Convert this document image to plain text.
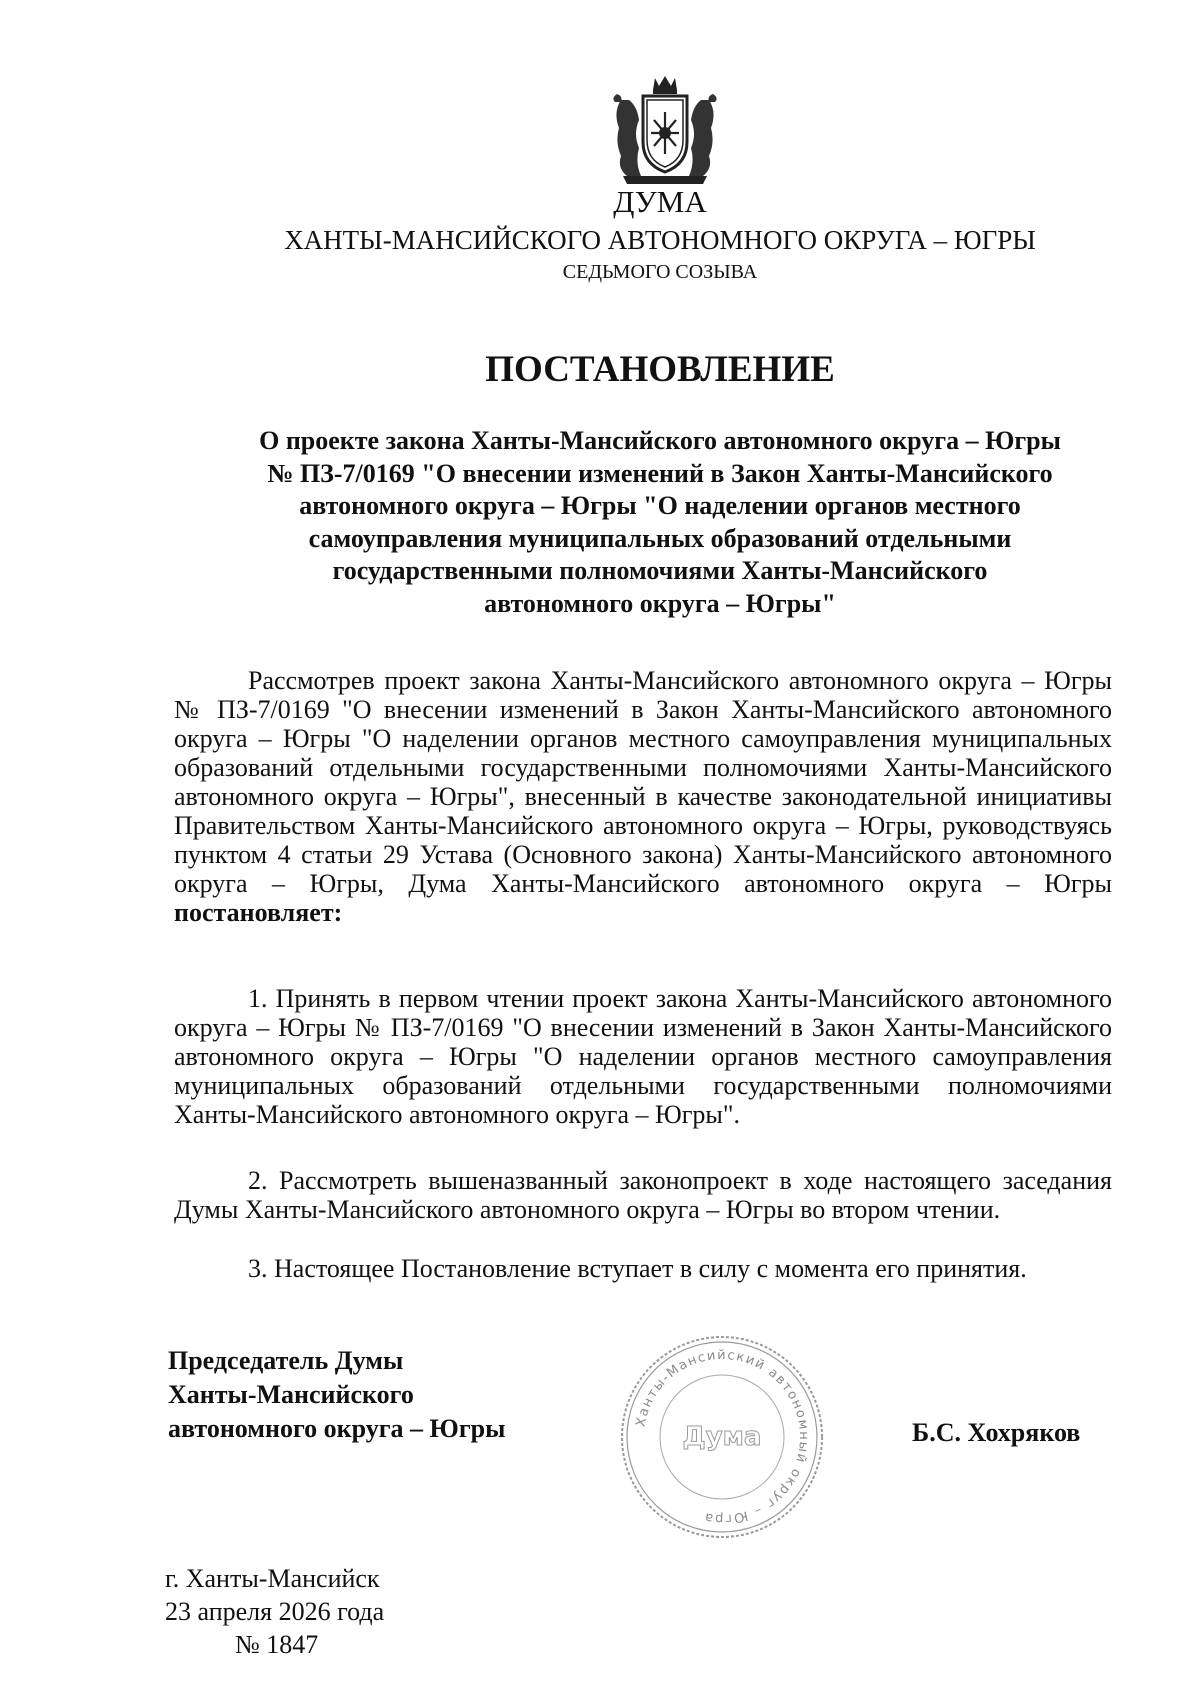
ДУМА
ХАНТЫ-МАНСИЙСКОГО АВТОНОМНОГО ОКРУГА – ЮГРЫ
СЕДЬМОГО СОЗЫВА
ПОСТАНОВЛЕНИЕ
О проекте закона Ханты-Мансийского автономного округа – Югры
№ ПЗ-7/0169 "О внесении изменений в Закон Ханты-Мансийского
автономного округа – Югры "О наделении органов местного
самоуправления муниципальных образований отдельными
государственными полномочиями Ханты-Мансийского
автономного округа – Югры"
Рассмотрев проект закона Ханты-Мансийского автономного округа – Югры № ПЗ-7/0169 "О внесении изменений в Закон Ханты-Мансийского автономного округа – Югры "О наделении органов местного самоуправления муниципальных образований отдельными государственными полномочиями Ханты-Мансийского автономного округа – Югры", внесенный в качестве законодательной инициативы Правительством Ханты-Мансийского автономного округа – Югры, руководствуясь пунктом 4 статьи 29 Устава (Основного закона) Ханты-Мансийского автономного округа – Югры, Дума Ханты-Мансийского автономного округа – Югры постановляет:
1. Принять в первом чтении проект закона Ханты-Мансийского автономного округа – Югры № ПЗ-7/0169 "О внесении изменений в Закон Ханты-Мансийского автономного округа – Югры "О наделении органов местного самоуправления муниципальных образований отдельными государственными полномочиями Ханты-Мансийского автономного округа – Югры".
2. Рассмотреть вышеназванный законопроект в ходе настоящего заседания Думы Ханты-Мансийского автономного округа – Югры во втором чтении.
3. Настоящее Постановление вступает в силу с момента его принятия.
Председатель Думы
Ханты-Мансийского
автономного округа – Югры	Ханты-Мансийский автономный округ – Югра
Дума	Б.С. Хохряков
г. Ханты-Мансийск
23 апреля 2026 года
№ 1847
